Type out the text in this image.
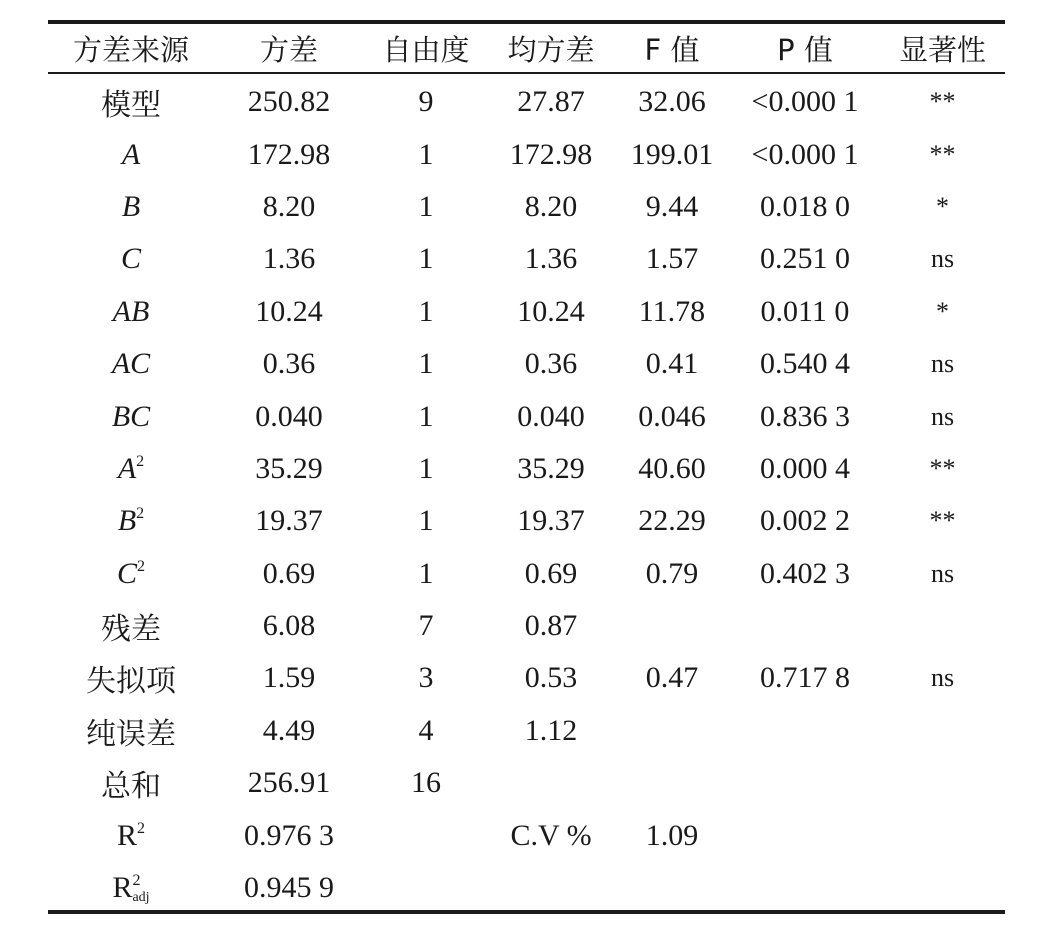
方差来源	方差	自由度	均方差	F 值	P 值	显著性
模型	250.82	9	27.87	32.06	<0.000 1	**
A	172.98	1	172.98	199.01	<0.000 1	**
B	8.20	1	8.20	9.44	0.018 0	*
C	1.36	1	1.36	1.57	0.251 0	ns
AB	10.24	1	10.24	11.78	0.011 0	*
AC	0.36	1	0.36	0.41	0.540 4	ns
BC	0.040	1	0.040	0.046	0.836 3	ns
$A^2$	35.29	1	35.29	40.60	0.000 4	**
$B^2$	19.37	1	19.37	22.29	0.002 2	**
$C^2$	0.69	1	0.69	0.79	0.402 3	ns
残差	6.08	7	0.87			
失拟项	1.59	3	0.53	0.47	0.717 8	ns
纯误差	4.49	4	1.12			
总和	256.91	16				
$R^2$	0.976 3		C.V %	1.09		
$R^2_{adj}$	0.945 9					
